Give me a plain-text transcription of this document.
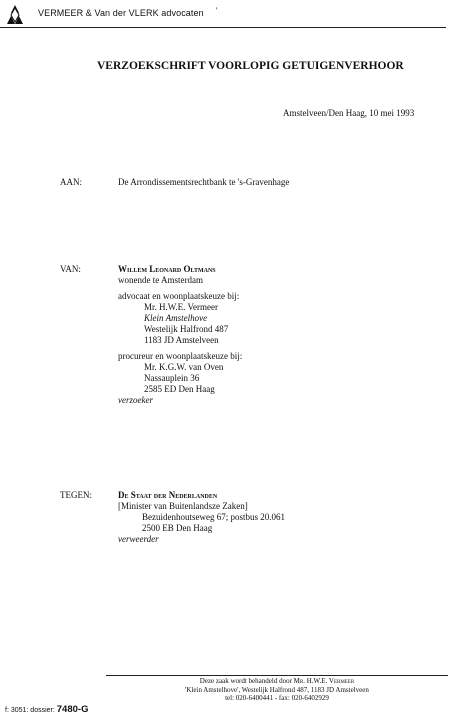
VERMEER & Van der VLERK advocaten '
VERZOEKSCHRIFT VOORLOPIG GETUIGENVERHOOR
Amstelveen/Den Haag, 10 mei 1993
AAN:	De Arrondissementsrechtbank te 's-Gravenhage
VAN:	Willem Leonard Oltmans
wonende te Amsterdam
advocaat en woonplaatskeuze bij:
Mr. H.W.E. Vermeer
Klein Amstelhove
Westelijk Halfrond 487
1183 JD Amstelveen
procureur en woonplaatskeuze bij:
Mr. K.G.W. van Oven
Nassauplein 36
2585 ED Den Haag
verzoeker
TEGEN:	De Staat der Nederlanden
[Minister van Buitenlandsze Zaken]
Bezuidenhoutseweg 67; postbus 20.061
2500 EB Den Haag
verweerder
Deze zaak wordt behandeld door Mr. H.W.E. Vermeer
'Klein Amstelhove', Westelijk Halfrond 487, 1183 JD Amstelveen
tel: 020-6400441 - fax: 020-6402929
f: 3051: dossier: 7480-G
